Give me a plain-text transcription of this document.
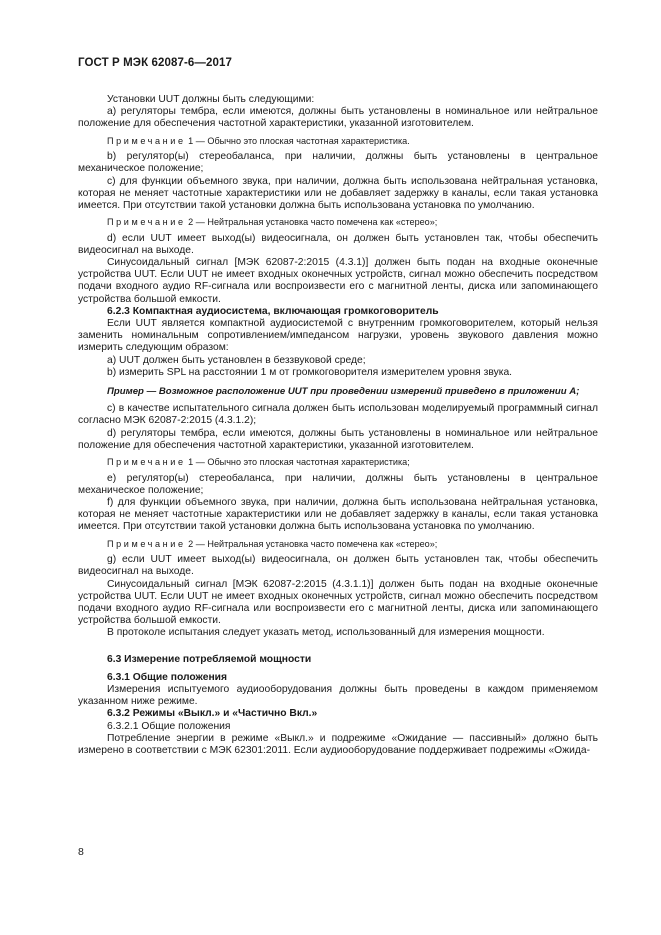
ГОСТ Р МЭК 62087-6—2017

Установки UUT должны быть следующими:

a) регуляторы тембра, если имеются, должны быть установлены в номинальное или нейтральное положение для обеспечения частотной характеристики, указанной изготовителем.

Примечание 1 — Обычно это плоская частотная характеристика.

b) регулятор(ы) стереобаланса, при наличии, должны быть установлены в центральное механическое положение;

c) для функции объемного звука, при наличии, должна быть использована нейтральная установка, которая не меняет частотные характеристики или не добавляет задержку в каналы, если такая установка имеется. При отсутствии такой установки должна быть использована установка по умолчанию.

Примечание 2 — Нейтральная установка часто помечена как «стерео»;

d) если UUT имеет выход(ы) видеосигнала, он должен быть установлен так, чтобы обеспечить видеосигнал на выходе.

Синусоидальный сигнал [МЭК 62087-2:2015 (4.3.1)] должен быть подан на входные оконечные устройства UUT. Если UUT не имеет входных оконечных устройств, сигнал можно обеспечить посредством подачи входного аудио RF-сигнала или воспроизвести его с магнитной ленты, диска или запоминающего устройства большой емкости.

6.2.3 Компактная аудиосистема, включающая громкоговоритель

Если UUT является компактной аудиосистемой с внутренним громкоговорителем, который нельзя заменить номинальным сопротивлением/импедансом нагрузки, уровень звукового давления можно измерить следующим образом:

a) UUT должен быть установлен в беззвуковой среде;

b) измерить SPL на расстоянии 1 м от громкоговорителя измерителем уровня звука.

Пример — Возможное расположение UUT при проведении измерений приведено в приложении А;

c) в качестве испытательного сигнала должен быть использован моделируемый программный сигнал согласно МЭК 62087-2:2015 (4.3.1.2);

d) регуляторы тембра, если имеются, должны быть установлены в номинальное или нейтральное положение для обеспечения частотной характеристики, указанной изготовителем.

Примечание 1 — Обычно это плоская частотная характеристика;

e) регулятор(ы) стереобаланса, при наличии, должны быть установлены в центральное механическое положение;

f) для функции объемного звука, при наличии, должна быть использована нейтральная установка, которая не меняет частотные характеристики или не добавляет задержку в каналы, если такая установка имеется. При отсутствии такой установки должна быть использована установка по умолчанию.

Примечание 2 — Нейтральная установка часто помечена как «стерео»;

g) если UUT имеет выход(ы) видеосигнала, он должен быть установлен так, чтобы обеспечить видеосигнал на выходе.

Синусоидальный сигнал [МЭК 62087-2:2015 (4.3.1.1)] должен быть подан на входные оконечные устройства UUT. Если UUT не имеет входных оконечных устройств, сигнал можно обеспечить посредством подачи входного аудио RF-сигнала или воспроизвести его с магнитной ленты, диска или запоминающего устройства большой емкости.

В протоколе испытания следует указать метод, использованный для измерения мощности.

6.3 Измерение потребляемой мощности

6.3.1 Общие положения

Измерения испытуемого аудиооборудования должны быть проведены в каждом применяемом указанном ниже режиме.

6.3.2 Режимы «Выкл.» и «Частично Вкл.»

6.3.2.1 Общие положения

Потребление энергии в режиме «Выкл.» и подрежиме «Ожидание — пассивный» должно быть измерено в соответствии с МЭК 62301:2011. Если аудиооборудование поддерживает подрежимы «Ожида-

8
